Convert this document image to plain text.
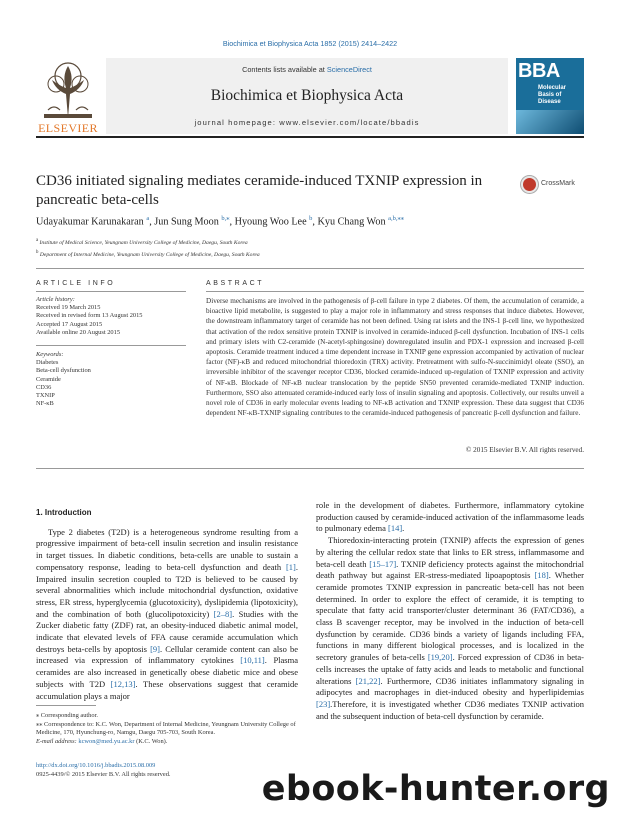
Biochimica et Biophysica Acta 1852 (2015) 2414–2422
ELSEVIER
Contents lists available at ScienceDirect
Biochimica et Biophysica Acta
journal homepage: www.elsevier.com/locate/bbadis
BBA
Molecular
Basis of
Disease
CD36 initiated signaling mediates ceramide-induced TXNIP expression in pancreatic beta-cells
CrossMark
Udayakumar Karunakaran $^a$, Jun Sung Moon $^{b,⁎}$, Hyoung Woo Lee $^b$, Kyu Chang Won $^{a,b,⁎⁎}$
$^a$ Institute of Medical Science, Yeungnam University College of Medicine, Daegu, South Korea
$^b$ Department of Internal Medicine, Yeungnam University College of Medicine, Daegu, South Korea
ARTICLE INFO	ABSTRACT
Article history:
Received 19 March 2015
Received in revised form 13 August 2015
Accepted 17 August 2015
Available online 20 August 2015
Keywords:
Diabetes
Beta-cell dysfunction
Ceramide
CD36
TXNIP
NF-κB
Diverse mechanisms are involved in the pathogenesis of β-cell failure in type 2 diabetes. Of them, the accumulation of ceramide, a bioactive lipid metabolite, is suggested to play a major role in inflammatory and stress responses that induce diabetes. However, the downstream inflammatory target of ceramide has not been defined. Using rat islets and the INS-1 β-cell line, we hypothesized that activation of the redox sensitive protein TXNIP is involved in ceramide-induced β-cell dysfunction. Incubation of INS-1 cells and primary islets with C2-ceramide (N-acetyl-sphingosine) downregulated insulin and PDX-1 expression and increased β-cell apoptosis. Ceramide treatment induced a time dependent increase in TXNIP gene expression accompanied by activation of nuclear factor (NF)-κB and reduced mitochondrial thioredoxin (TRX) activity. Pretreatment with sulfo-N-succinimidyl oleate (SSO), an irreversible inhibitor of the scavenger receptor CD36, blocked ceramide-induced up-regulation of TXNIP expression and activity of NF-κB. Blockade of NF-κB nuclear translocation by the peptide SN50 prevented ceramide-mediated TXNIP induction. Furthermore, SSO also attenuated ceramide-induced early loss of insulin signaling and apoptosis. Collectively, our results unveil a novel role of CD36 in early molecular events leading to NF-κB activation and TXNIP expression. These data suggest that CD36 dependent NF-κB-TXNIP signaling contributes to the ceramide-induced pathogenesis of pancreatic β-cell dysfunction and failure.
© 2015 Elsevier B.V. All rights reserved.
1. Introduction

Type 2 diabetes (T2D) is a heterogeneous syndrome resulting from a progressive impairment of beta-cell insulin secretion and insulin resistance in target tissues. In diabetic conditions, beta-cells are unable to sustain a compensatory response, leading to beta-cell dysfunction and death [1]. Impaired insulin secretion coupled to T2D is believed to be caused by several abnormalities which include mitochondrial dysfunction, oxidative stress, ER stress, hyperglycemia (glucotoxicity), dyslipidemia (lipotoxicity), and the combination of both (glucolipotoxicity) [2–8]. Studies with the Zucker diabetic fatty (ZDF) rat, an obesity-induced diabetic animal model, indicate that elevated levels of FFA cause ceramide accumulation which destroys beta-cells by apoptosis [9]. Cellular ceramide content can also be increased via expression of inflammatory cytokines [10,11]. Plasma ceramides are also increased in genetically obese diabetic mice and obese subjects with T2D [12,13]. These observations suggest that ceramide accumulation plays a major

role in the development of diabetes. Furthermore, inflammatory cytokine production caused by ceramide-induced activation of the inflammasome leads to pulmonary edema [14].

Thioredoxin-interacting protein (TXNIP) affects the expression of genes by altering the cellular redox state that links to ER stress, inflammasome and beta-cell death [15–17]. TXNIP deficiency protects against the mitochondrial death pathway but against ER-stress-mediated lipoapoptosis [18]. Whether ceramide promotes TXNIP expression in pancreatic beta-cell has not been determined. In order to explore the effect of ceramide, it is tempting to speculate that fatty acid transporter/cluster determinant 36 (FAT/CD36), a class B scavenger receptor, may be involved in the induction of beta-cell dysfunction by ceramide. CD36 binds a variety of ligands including FFA, functions in many different biological processes, and is localized in the secretory granules of beta-cells [19,20]. Forced expression of CD36 in beta-cells increases the uptake of fatty acids and leads to metabolic and functional alterations [21,22]. Furthermore, CD36 initiates inflammatory signaling in adipocytes and macrophages in diet-induced obesity and hyperlipidemias [23].Therefore, it is investigated whether CD36 mediates TXNIP activation and the subsequent induction of beta-cell dysfunction by ceramide.

⁎ Corresponding author.
⁎⁎ Correspondence to: K.C. Won, Department of Internal Medicine, Yeungnam University College of Medicine, 170, Hyunchung-ro, Namgu, Daegu 705-703, South Korea.
E-mail address: kcwon@med.yu.ac.kr (K.C. Won).
http://dx.doi.org/10.1016/j.bbadis.2015.08.009
0925-4439/© 2015 Elsevier B.V. All rights reserved.	ebook-hunter.org
